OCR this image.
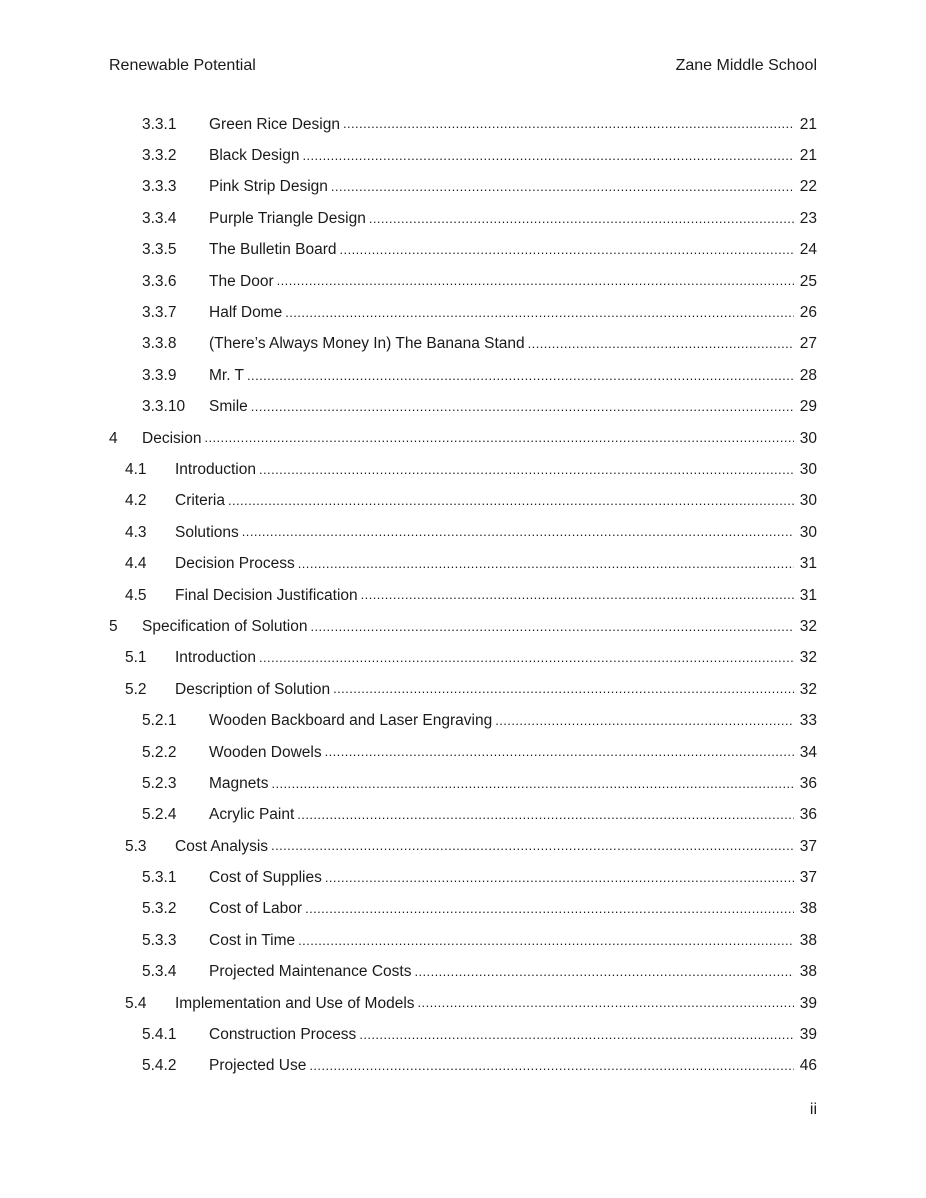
Renewable Potential	Zane Middle School
3.3.1	Green Rice Design . . .	21
3.3.2	Black Design . . .	21
3.3.3	Pink Strip Design . . .	22
3.3.4	Purple Triangle Design . . .	23
3.3.5	The Bulletin Board . . .	24
3.3.6	The Door . . .	25
3.3.7	Half Dome . . .	26
3.3.8	(There’s Always Money In) The Banana Stand . . .	27
3.3.9	Mr. T . . .	28
3.3.10	Smile . . .	29
4	Decision . . .	30
4.1	Introduction . . .	30
4.2	Criteria . . .	30
4.3	Solutions . . .	30
4.4	Decision Process . . .	31
4.5	Final Decision Justification . . .	31
5	Specification of Solution . . .	32
5.1	Introduction . . .	32
5.2	Description of Solution . . .	32
5.2.1	Wooden Backboard and Laser Engraving . . .	33
5.2.2	Wooden Dowels . . .	34
5.2.3	Magnets . . .	36
5.2.4	Acrylic Paint . . .	36
5.3	Cost Analysis . . .	37
5.3.1	Cost of Supplies . . .	37
5.3.2	Cost of Labor . . .	38
5.3.3	Cost in Time . . .	38
5.3.4	Projected Maintenance Costs . . .	38
5.4	Implementation and Use of Models . . .	39
5.4.1	Construction Process . . .	39
5.4.2	Projected Use . . .	46
ii
